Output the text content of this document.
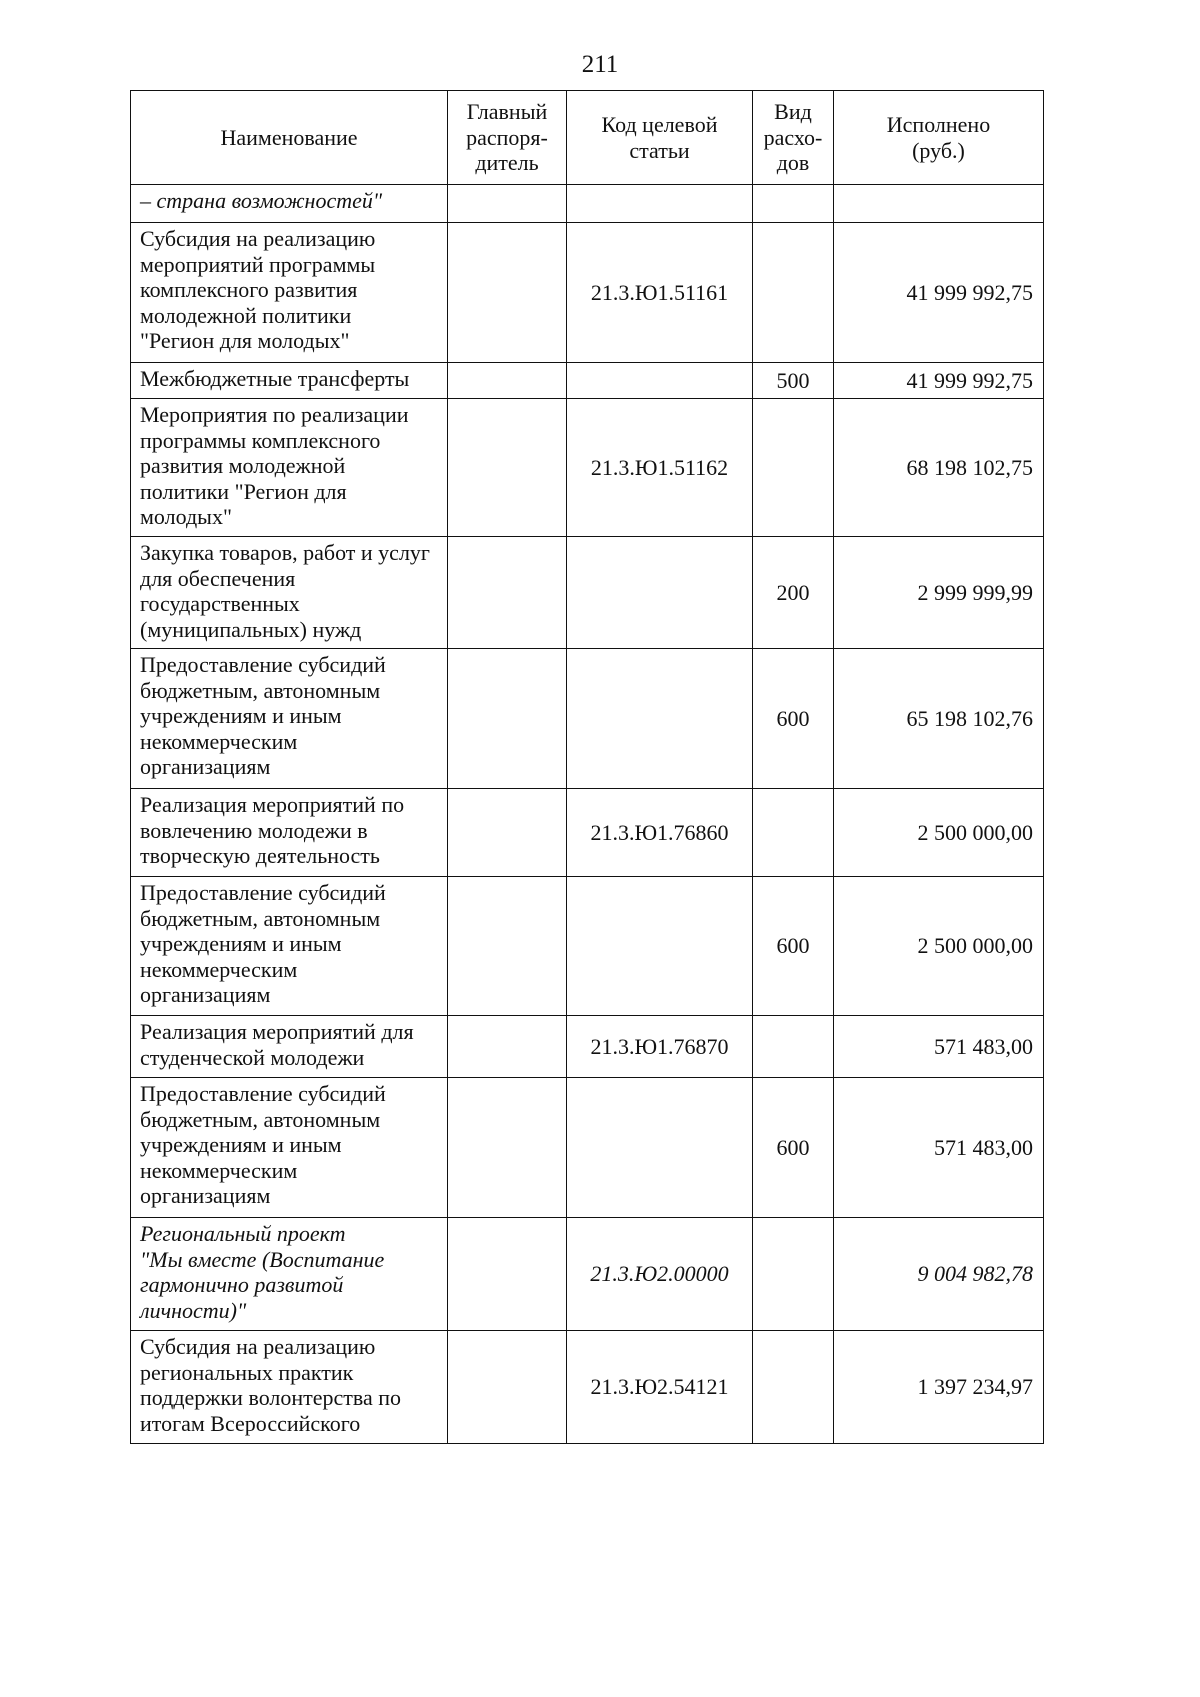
211
Наименование	Главный
распоря-
дитель	Код целевой
статьи	Вид
расхо-
дов	Исполнено
(руб.)
– страна возможностей"				
Субсидия на реализацию
мероприятий программы
комплексного развития
молодежной политики
"Регион для молодых"		21.3.Ю1.51161		41 999 992,75
Межбюджетные трансферты			500	41 999 992,75
Мероприятия по реализации
программы комплексного
развития молодежной
политики "Регион для
молодых"		21.3.Ю1.51162		68 198 102,75
Закупка товаров, работ и услуг
для обеспечения
государственных
(муниципальных) нужд			200	2 999 999,99
Предоставление субсидий
бюджетным, автономным
учреждениям и иным
некоммерческим
организациям			600	65 198 102,76
Реализация мероприятий по
вовлечению молодежи в
творческую деятельность		21.3.Ю1.76860		2 500 000,00
Предоставление субсидий
бюджетным, автономным
учреждениям и иным
некоммерческим
организациям			600	2 500 000,00
Реализация мероприятий для
студенческой молодежи		21.3.Ю1.76870		571 483,00
Предоставление субсидий
бюджетным, автономным
учреждениям и иным
некоммерческим
организациям			600	571 483,00
Региональный проект
"Мы вместе (Воспитание
гармонично развитой
личности)"		21.3.Ю2.00000		9 004 982,78
Субсидия на реализацию
региональных практик
поддержки волонтерства по
итогам Всероссийского		21.3.Ю2.54121		1 397 234,97
